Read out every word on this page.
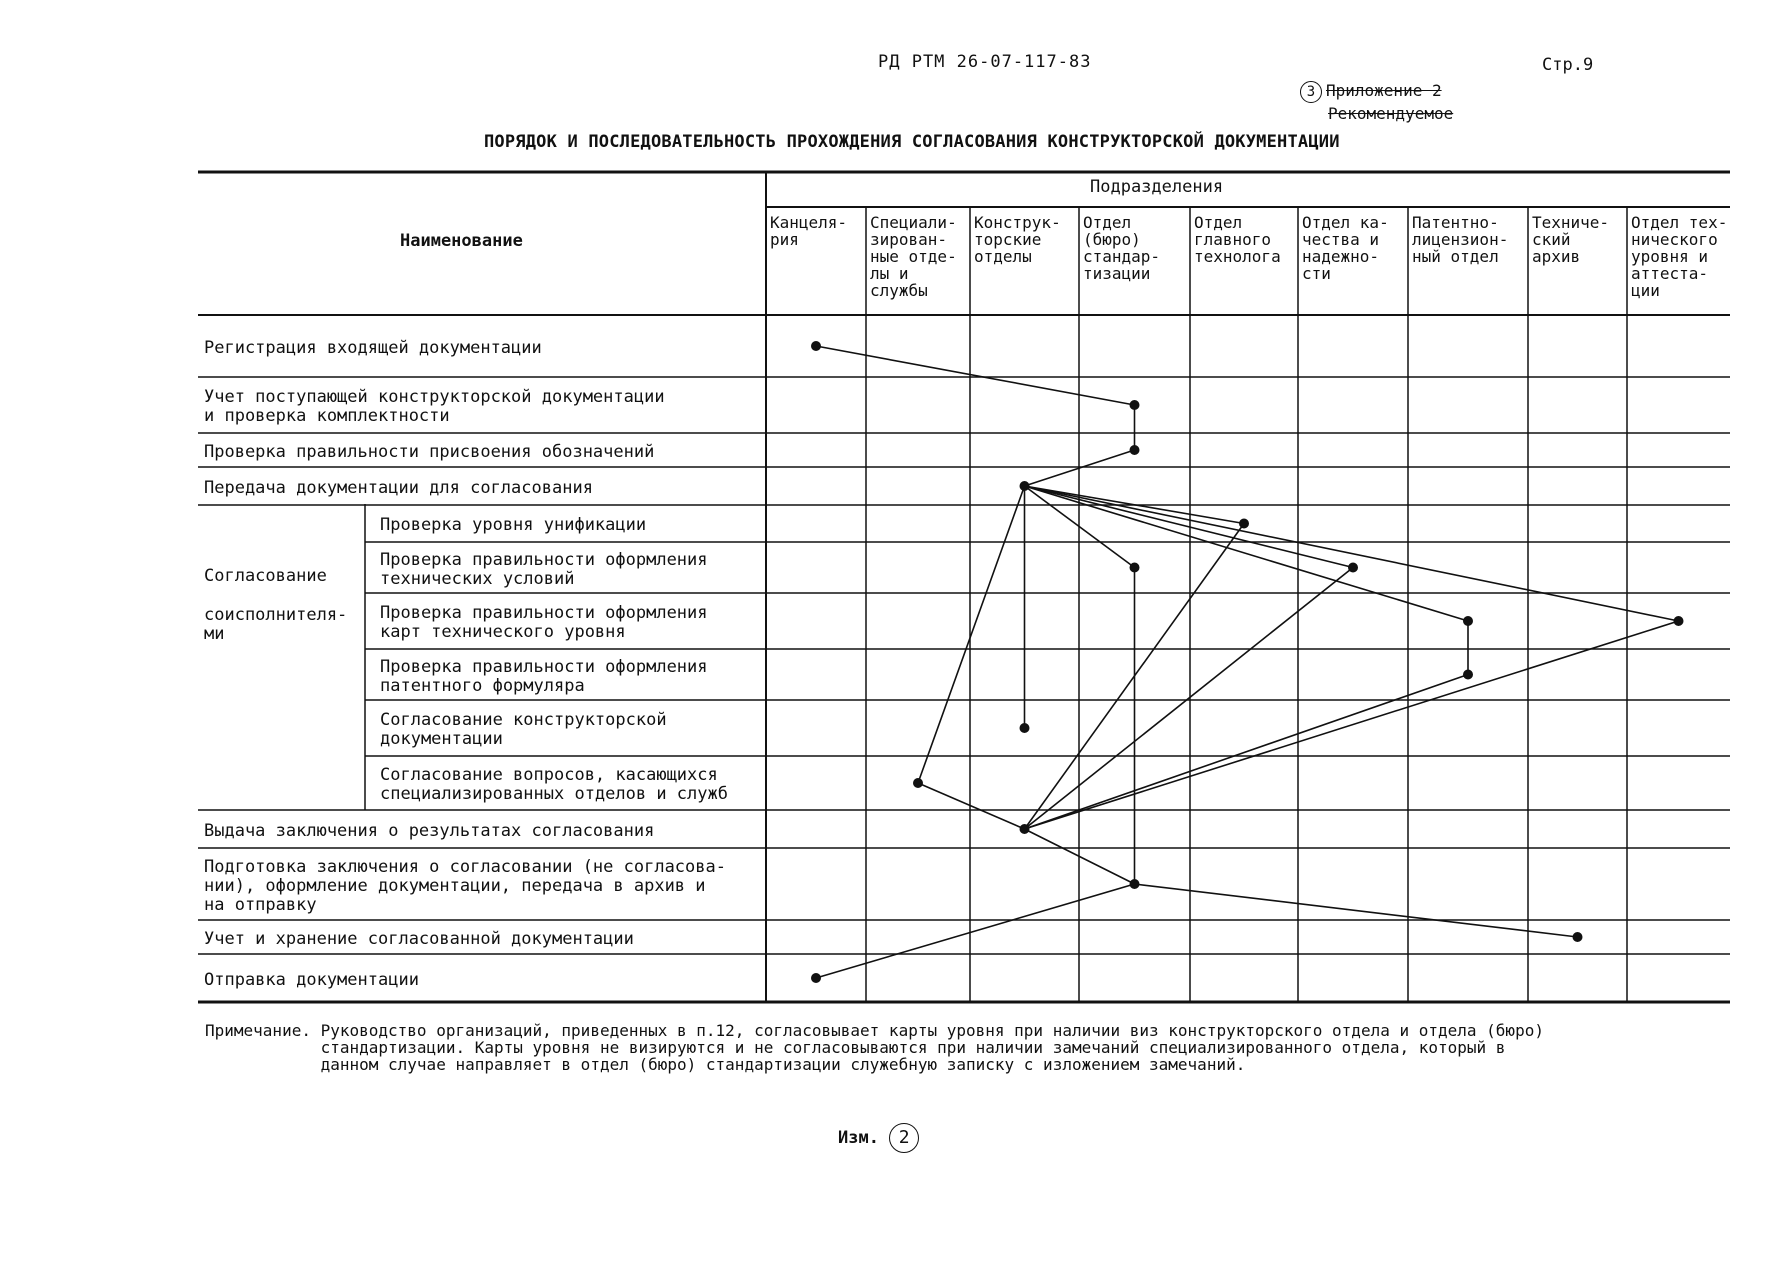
РД РТМ 26-07-117-83	Стр.9
3 Приложение 2
Рекомендуемое
ПОРЯДОК И ПОСЛЕДОВАТЕЛЬНОСТЬ ПРОХОЖДЕНИЯ СОГЛАСОВАНИЯ КОНСТРУКТОРСКОЙ ДОКУМЕНТАЦИИ
Наименование
Подразделения
Канцеля-
рия
Специали-
зирован-
ные отде-
лы и
службы
Конструк-
торские
отделы
Отдел
(бюро)
стандар-
тизации
Отдел
главного
технолога
Отдел ка-
чества и
надежно-
сти
Патентно-
лицензион-
ный отдел
Техниче-
ский
архив
Отдел тех-
нического
уровня и
аттеста-
ции
Регистрация входящей документации
Учет поступающей конструкторской документации
и проверка комплектности
Проверка правильности присвоения обозначений
Передача документации для согласования
Проверка уровня унификации
Проверка правильности оформления
технических условий
Проверка правильности оформления
карт технического уровня
Проверка правильности оформления
патентного формуляра
Согласование конструкторской
документации
Согласование вопросов, касающихся
специализированных отделов и служб
Выдача заключения о результатах согласования
Подготовка заключения о согласовании (не согласова-
нии), оформление документации, передача в архив и
на отправку
Учет и хранение согласованной документации
Отправка документации
Согласование
соисполнителя-
ми
Примечание. Руководство организаций, приведенных в п.12, согласовывает карты уровня при наличии виз конструкторского отдела и отдела (бюро)
стандартизации. Карты уровня не визируются и не согласовываются при наличии замечаний специализированного отдела, который в
данном случае направляет в отдел (бюро) стандартизации служебную записку с изложением замечаний.
Изм. 2
